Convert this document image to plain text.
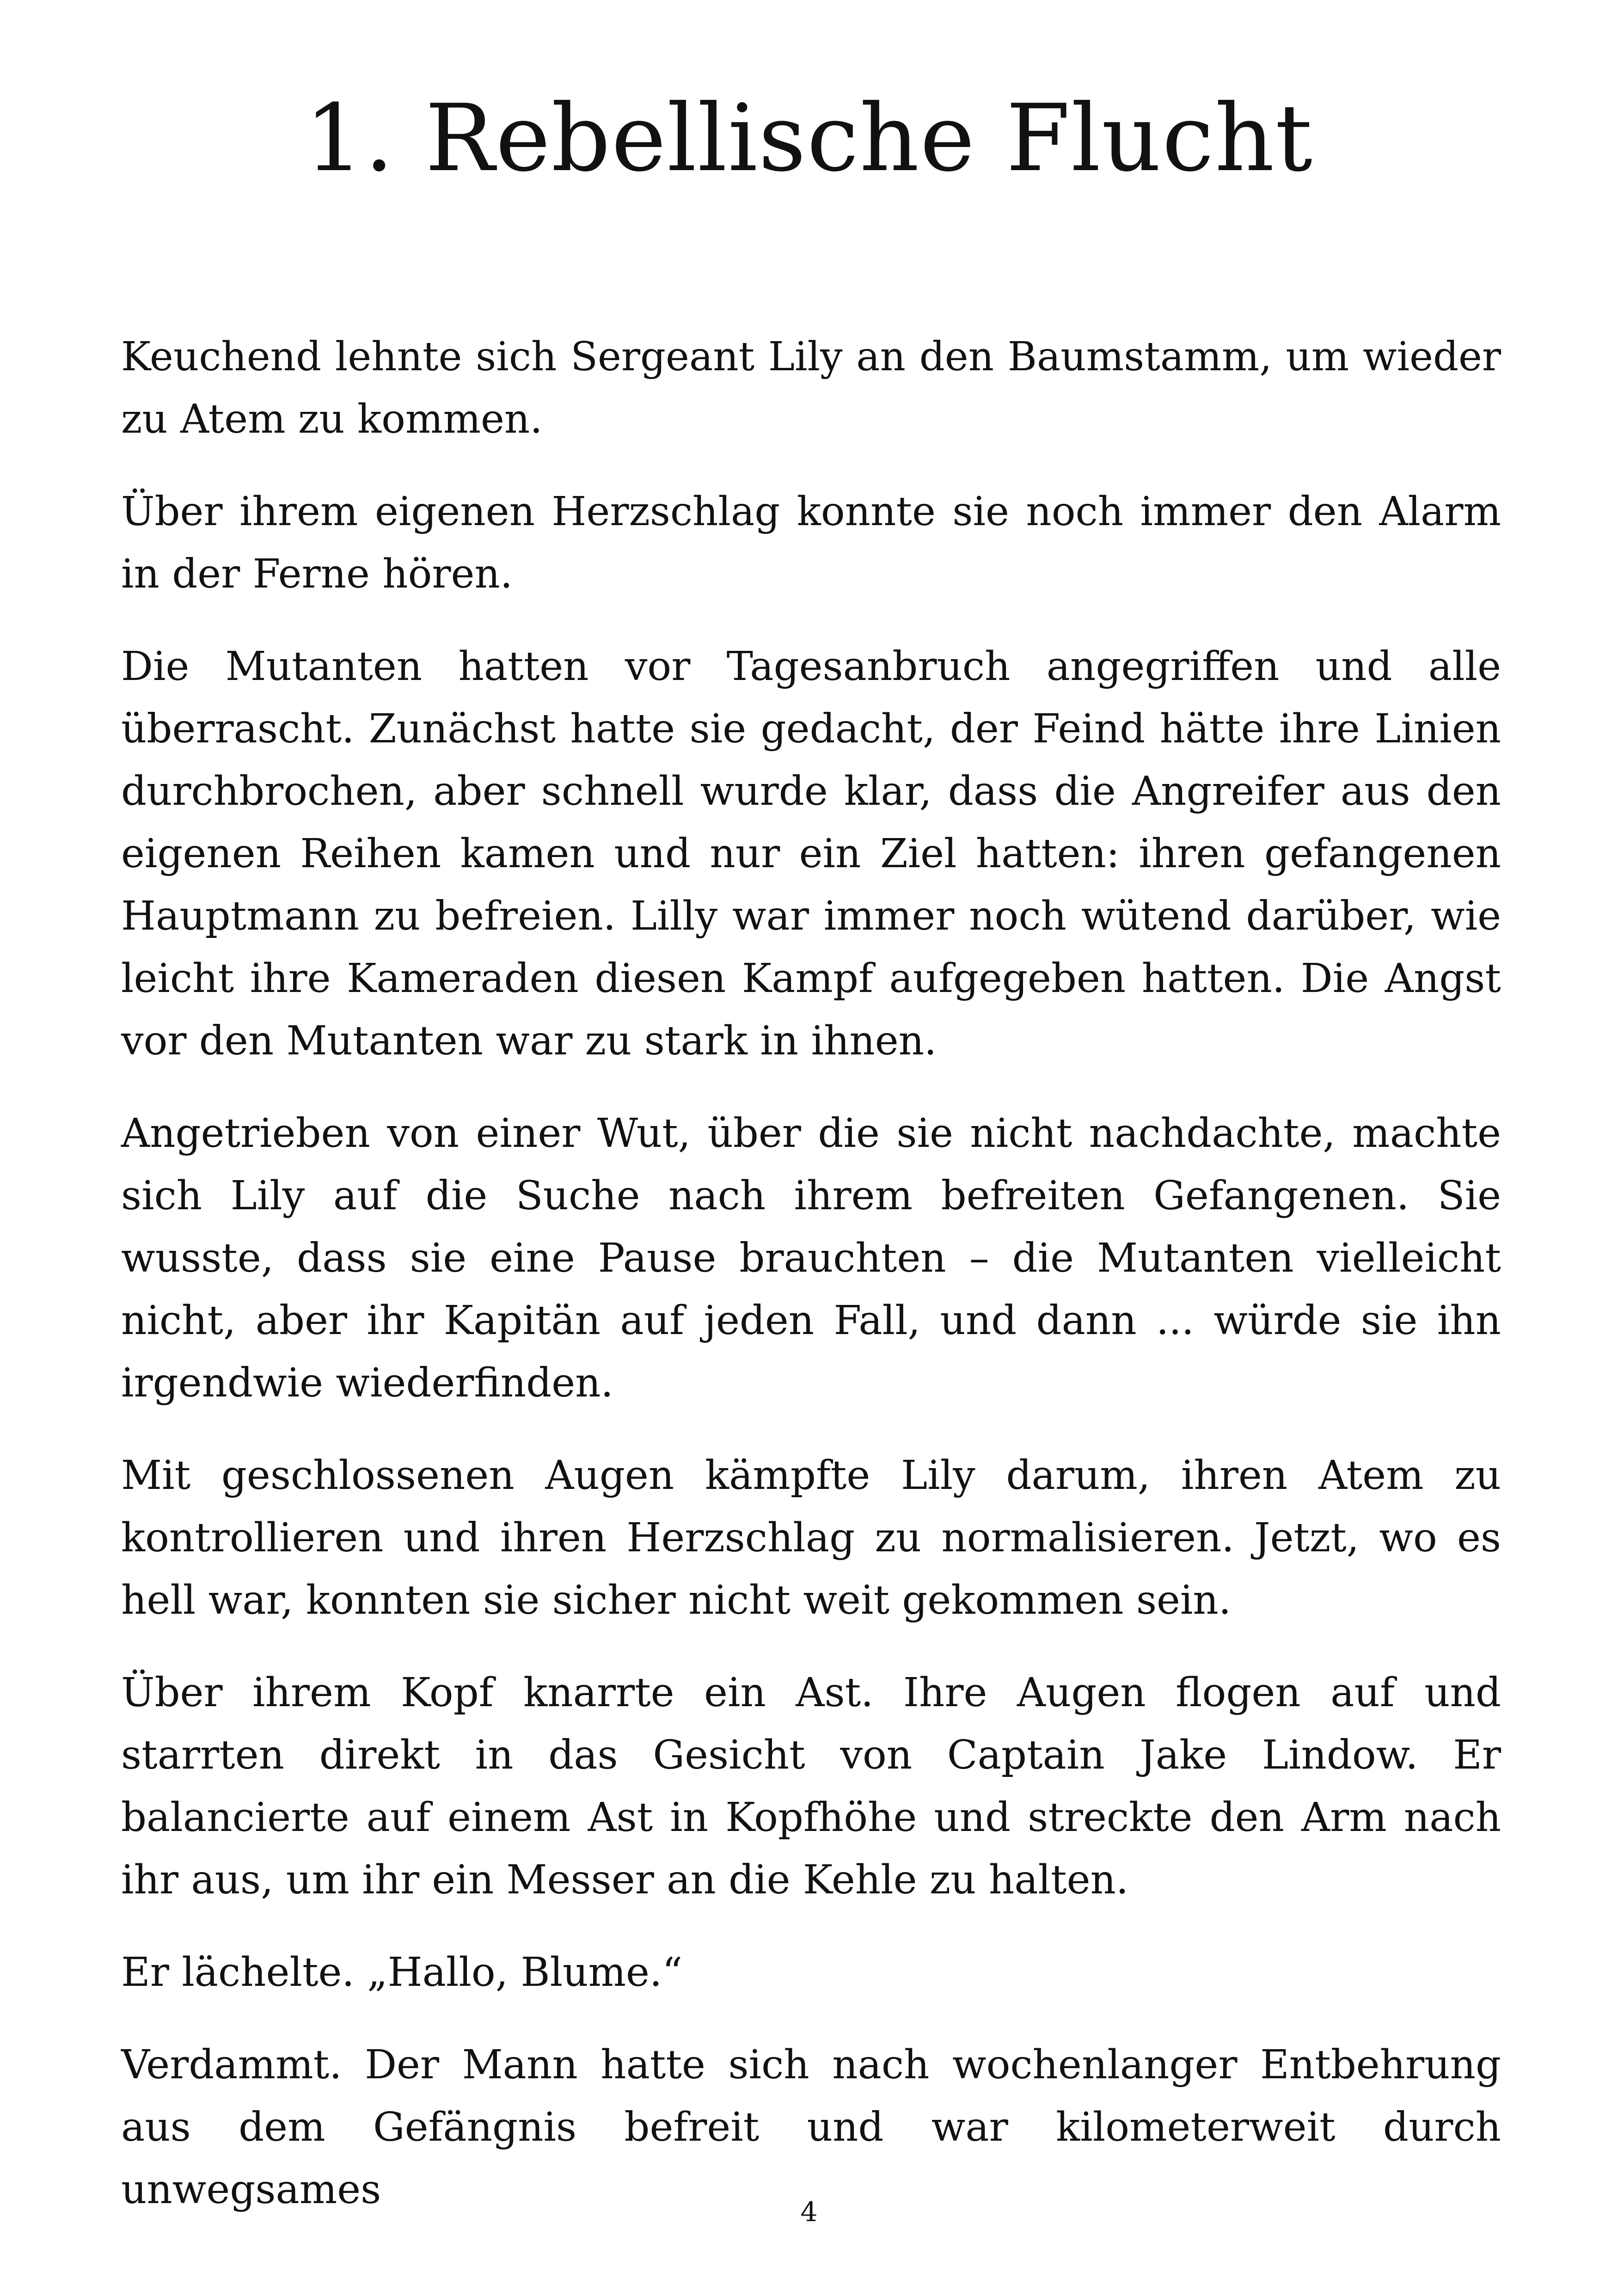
1. Rebellische Flucht

Keuchend lehnte sich Sergeant Lily an den Baumstamm, um wieder zu Atem zu kommen.

Über ihrem eigenen Herzschlag konnte sie noch immer den Alarm in der Ferne hören.

Die Mutanten hatten vor Tagesanbruch angegriffen und alle überrascht. Zunächst hatte sie gedacht, der Feind hätte ihre Linien durchbrochen, aber schnell wurde klar, dass die Angreifer aus den eigenen Reihen kamen und nur ein Ziel hatten: ihren gefangenen Hauptmann zu befreien. Lilly war immer noch wütend darüber, wie leicht ihre Kameraden diesen Kampf aufgegeben hatten. Die Angst vor den Mutanten war zu stark in ihnen.

Angetrieben von einer Wut, über die sie nicht nachdachte, machte sich Lily auf die Suche nach ihrem befreiten Gefangenen. Sie wusste, dass sie eine Pause brauchten – die Mutanten vielleicht nicht, aber ihr Kapitän auf jeden Fall, und dann ... würde sie ihn irgendwie wiederfinden.

Mit geschlossenen Augen kämpfte Lily darum, ihren Atem zu kontrollieren und ihren Herzschlag zu normalisieren. Jetzt, wo es hell war, konnten sie sicher nicht weit gekommen sein.

Über ihrem Kopf knarrte ein Ast. Ihre Augen flogen auf und starrten direkt in das Gesicht von Captain Jake Lindow. Er balancierte auf einem Ast in Kopfhöhe und streckte den Arm nach ihr aus, um ihr ein Messer an die Kehle zu halten.

Er lächelte. „Hallo, Blume.“

Verdammt. Der Mann hatte sich nach wochenlanger Entbehrung aus dem Gefängnis befreit und war kilometerweit durch unwegsames	4
